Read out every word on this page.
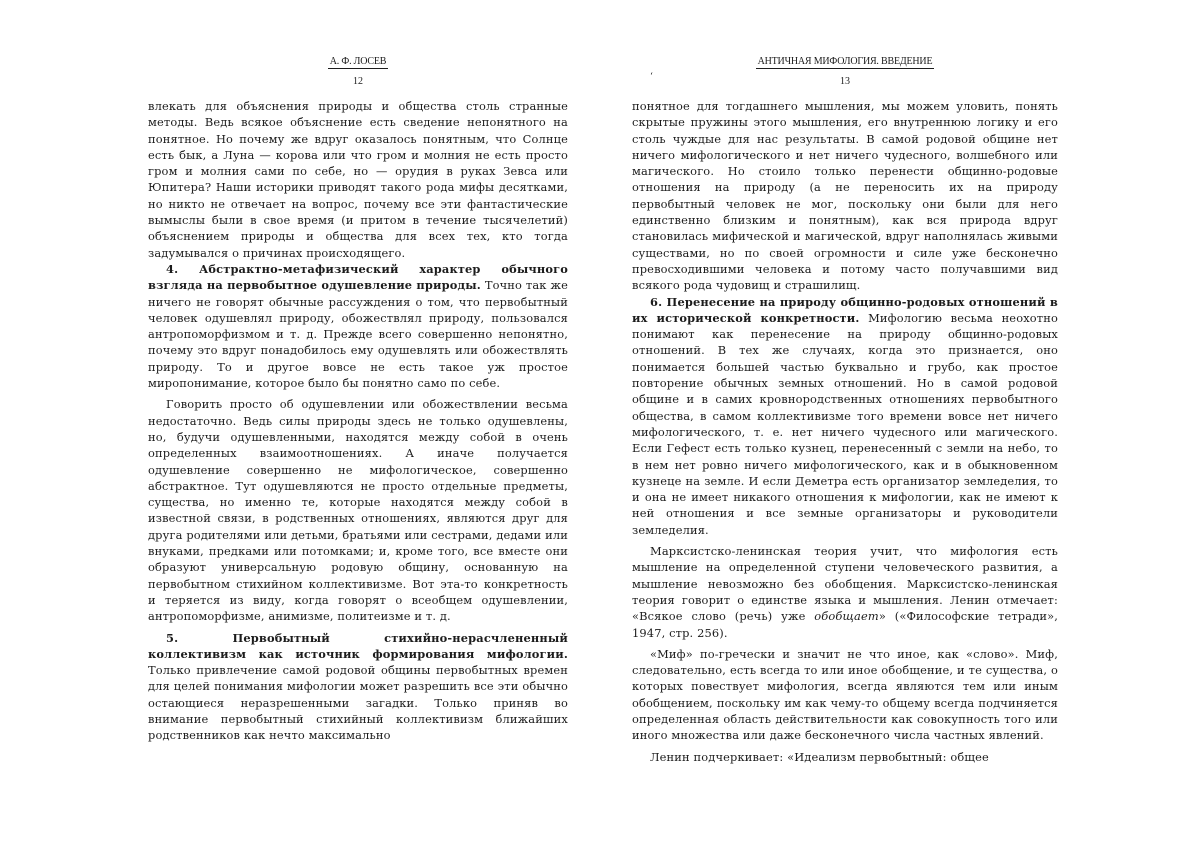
А. Ф. ЛОСЕВ
12

влекать для объяснения природы и общества столь странные методы. Ведь всякое объяснение есть сведение непонятного на понятное. Но почему же вдруг оказалось понятным, что Солнце есть бык, а Луна — корова или что гром и молния не есть просто гром и молния сами по себе, но — орудия в руках Зевса или Юпитера? Наши историки приводят такого рода мифы десятками, но никто не отвечает на вопрос, почему все эти фантастические вымыслы были в свое время (и притом в течение тысячелетий) объяснением природы и общества для всех тех, кто тогда задумывался о причинах происходящего.

4. Абстрактно-метафизический характер обычного взгляда на первобытное одушевление природы. Точно так же ничего не говорят обычные рассуждения о том, что первобытный человек одушевлял природу, обожествлял природу, пользовался антропоморфизмом и т. д. Прежде всего совершенно непонятно, почему это вдруг понадобилось ему одушевлять или обожествлять природу. То и другое вовсе не есть такое уж простое миропонимание, которое было бы понятно само по себе.

Говорить просто об одушевлении или обожествлении весьма недостаточно. Ведь силы природы здесь не только одушевлены, но, будучи одушевленными, находятся между собой в очень определенных взаимоотношениях. А иначе получается одушевление совершенно не мифологическое, совершенно абстрактное. Тут одушевляются не просто отдельные предметы, существа, но именно те, которые находятся между собой в известной связи, в родственных отношениях, являются друг для друга родителями или детьми, братьями или сестрами, дедами или внуками, предками или потомками; и, кроме того, все вместе они образуют универсальную родовую общину, основанную на первобытном стихийном коллективизме. Вот эта-то конкретность и теряется из виду, когда говорят о всеобщем одушевлении, антропоморфизме, анимизме, политеизме и т. д.

5. Первобытный стихийно-нерасчлененный коллективизм как источник формирования мифологии. Только привлечение самой родовой общины первобытных времен для целей понимания мифологии может разрешить все эти обычно остающиеся неразрешенными загадки. Только приняв во внимание первобытный стихийный коллективизм ближайших родственников как нечто максимально

АНТИЧНАЯ МИФОЛОГИЯ. ВВЕДЕНИЕ
‘	13

понятное для тогдашнего мышления, мы можем уловить, понять скрытые пружины этого мышления, его внутреннюю логику и его столь чуждые для нас результаты. В самой родовой общине нет ничего мифологического и нет ничего чудесного, волшебного или магического. Но стоило только перенести общинно-родовые отношения на природу (а не переносить их на природу первобытный человек не мог, поскольку они были для него единственно близким и понятным), как вся природа вдруг становилась мифической и магической, вдруг наполнялась живыми существами, но по своей огромности и силе уже бесконечно превосходившими человека и потому часто получавшими вид всякого рода чудовищ и страшилищ.

6. Перенесение на природу общинно-родовых отношений в их исторической конкретности. Мифологию весьма неохотно понимают как перенесение на природу общинно-родовых отношений. В тех же случаях, когда это признается, оно понимается большей частью буквально и грубо, как простое повторение обычных земных отношений. Но в самой родовой общине и в самих кровнородственных отношениях первобытного общества, в самом коллективизме того времени вовсе нет ничего мифологического, т. е. нет ничего чудесного или магического. Если Гефест есть только кузнец, перенесенный с земли на небо, то в нем нет ровно ничего мифологического, как и в обыкновенном кузнеце на земле. И если Деметра есть организатор земледелия, то и она не имеет никакого отношения к мифологии, как не имеют к ней отношения и все земные организаторы и руководители земледелия.

Марксистско-ленинская теория учит, что мифология есть мышление на определенной ступени человеческого развития, а мышление невозможно без обобщения. Марксистско-ленинская теория говорит о единстве языка и мышления. Ленин отмечает: «Всякое слово (речь) уже обобщает» («Философские тетради», 1947, стр. 256).

«Миф» по-гречески и значит не что иное, как «слово». Миф, следовательно, есть всегда то или иное обобщение, и те существа, о которых повествует мифология, всегда являются тем или иным обобщением, поскольку им как чему-то общему всегда подчиняется определенная область действительности как совокупность того или иного множества или даже бесконечного числа частных явлений.

Ленин подчеркивает: «Идеализм первобытный: общее
